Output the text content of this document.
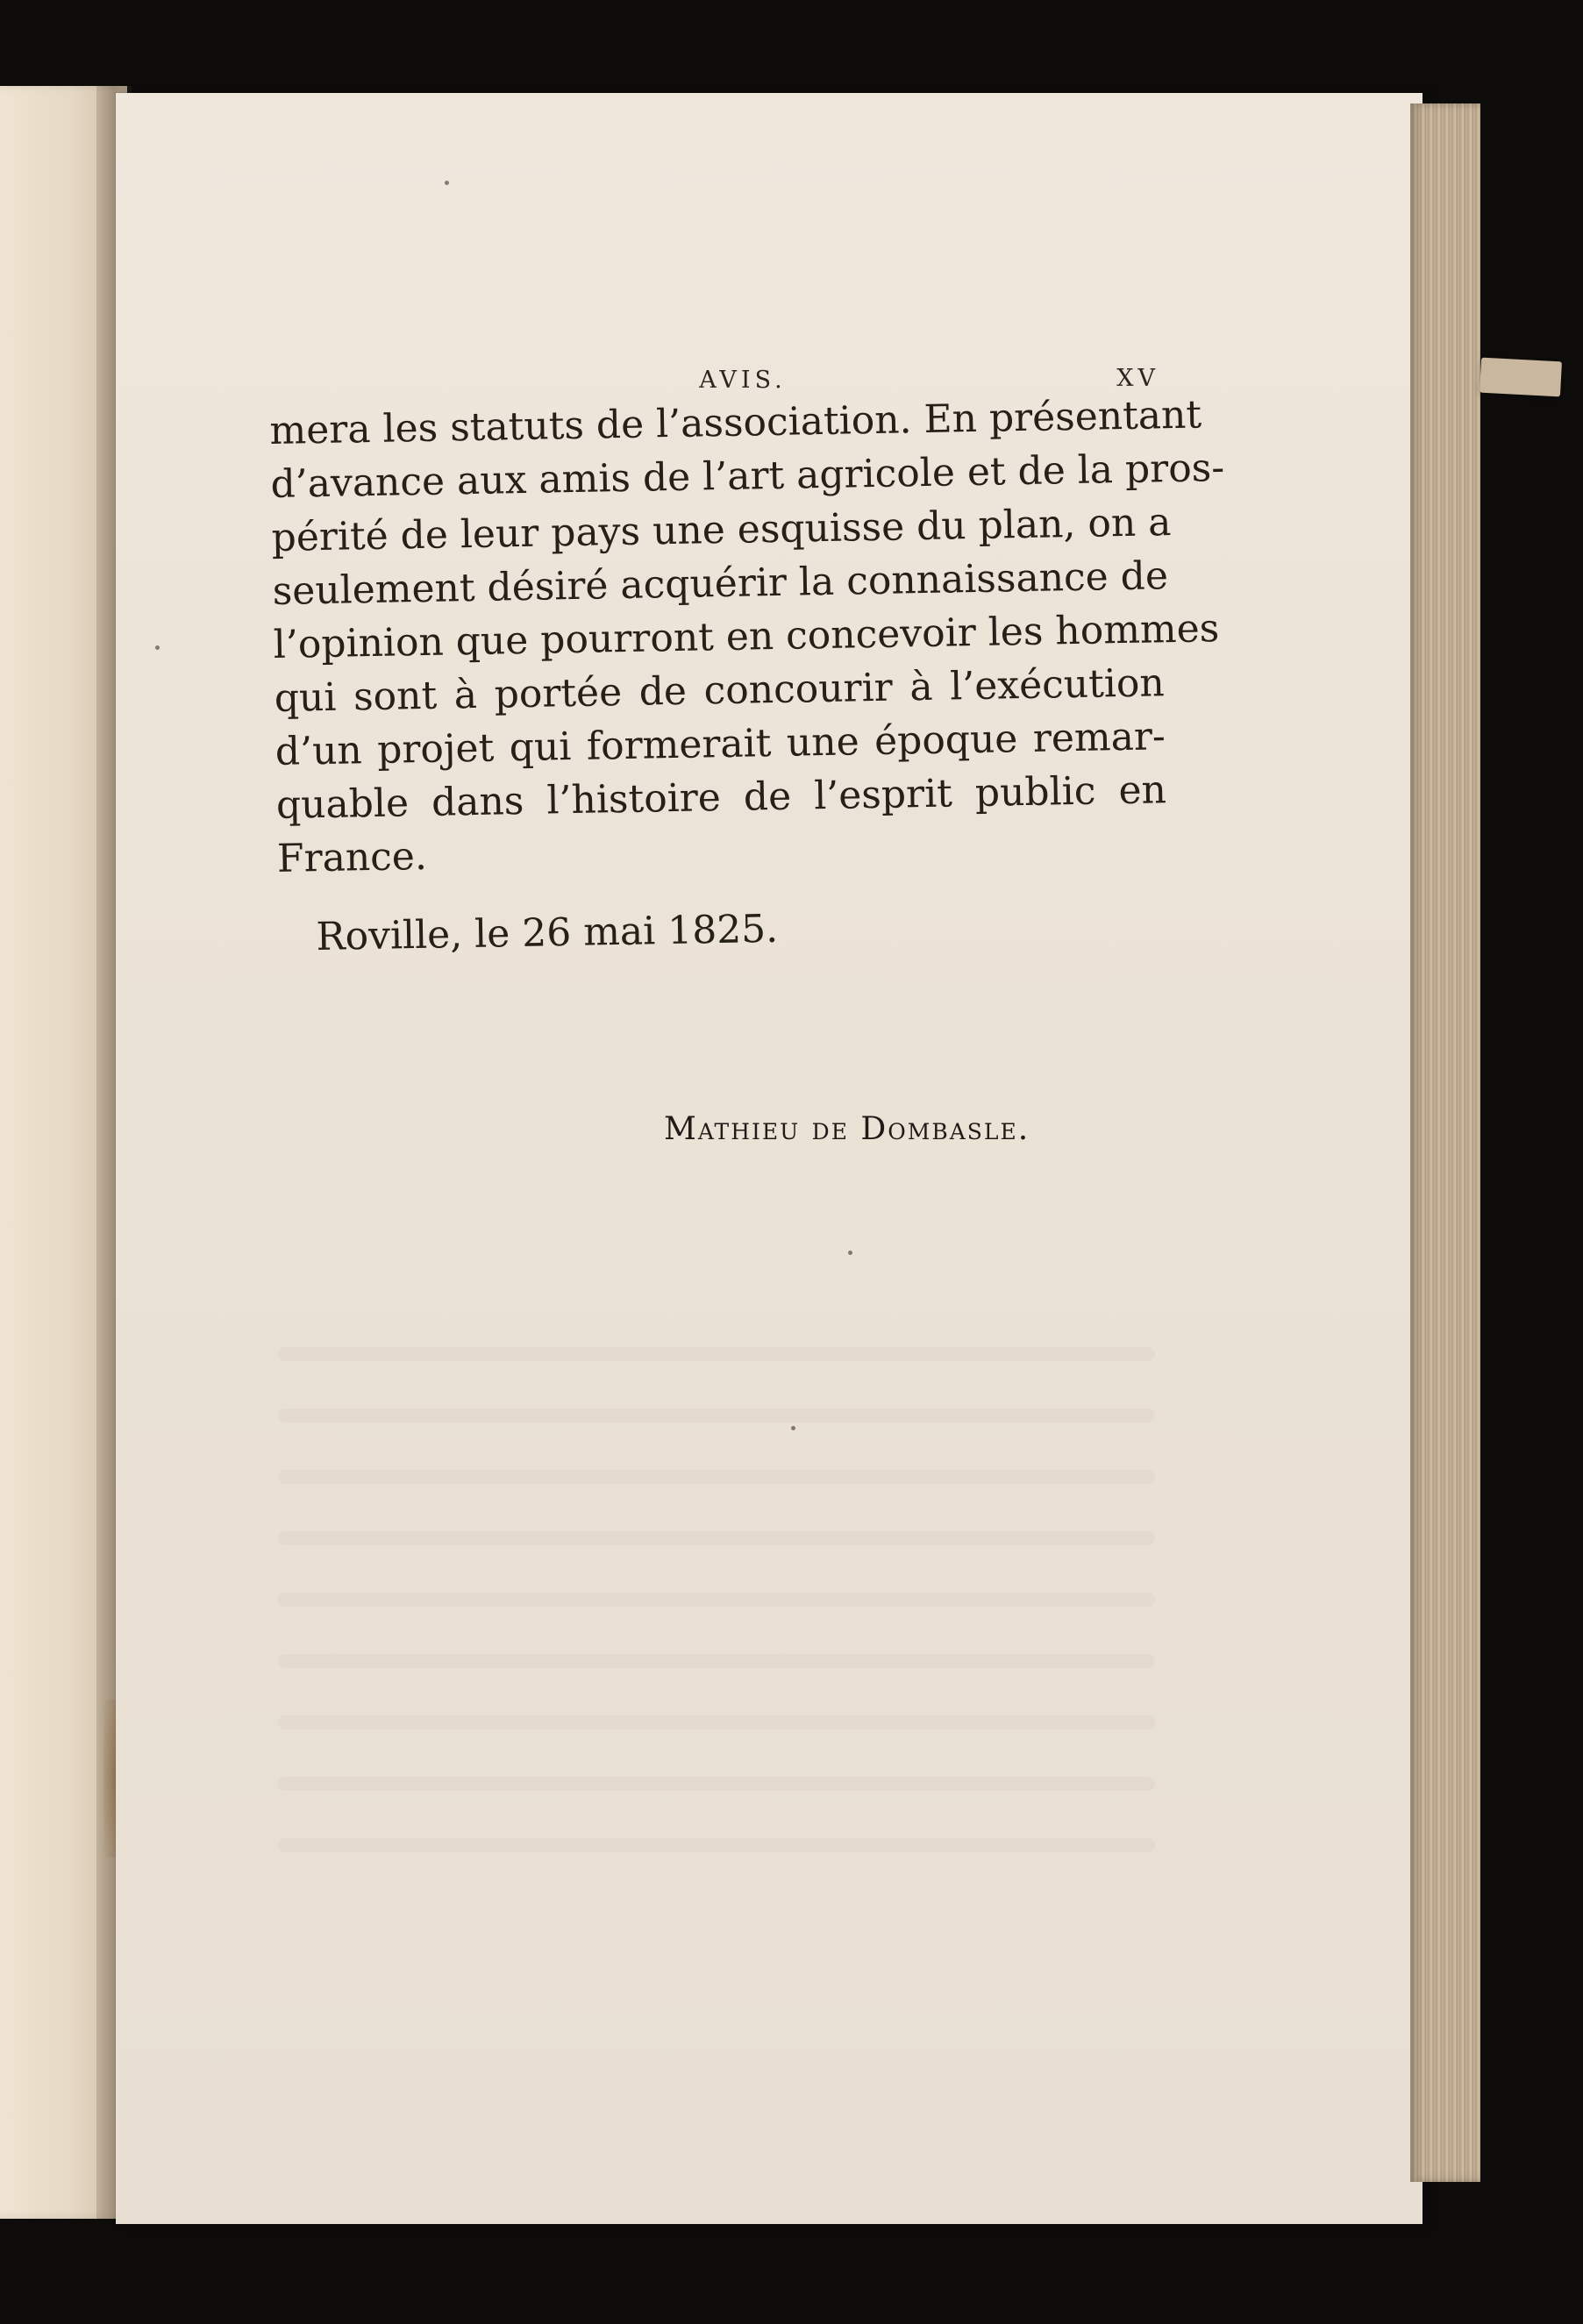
AVIS.	XV
mera les statuts de l’association. En présentant
d’avance aux amis de l’art agricole et de la pros-
périté de leur pays une esquisse du plan, on a
seulement désiré acquérir la connaissance de
l’opinion que pourront en concevoir les hommes
qui sont à portée de concourir à l’exécution
d’un projet qui formerait une époque remar-
quable dans l’histoire de l’esprit public en
France.
Roville, le 26 mai 1825.
Mathieu de Dombasle.
